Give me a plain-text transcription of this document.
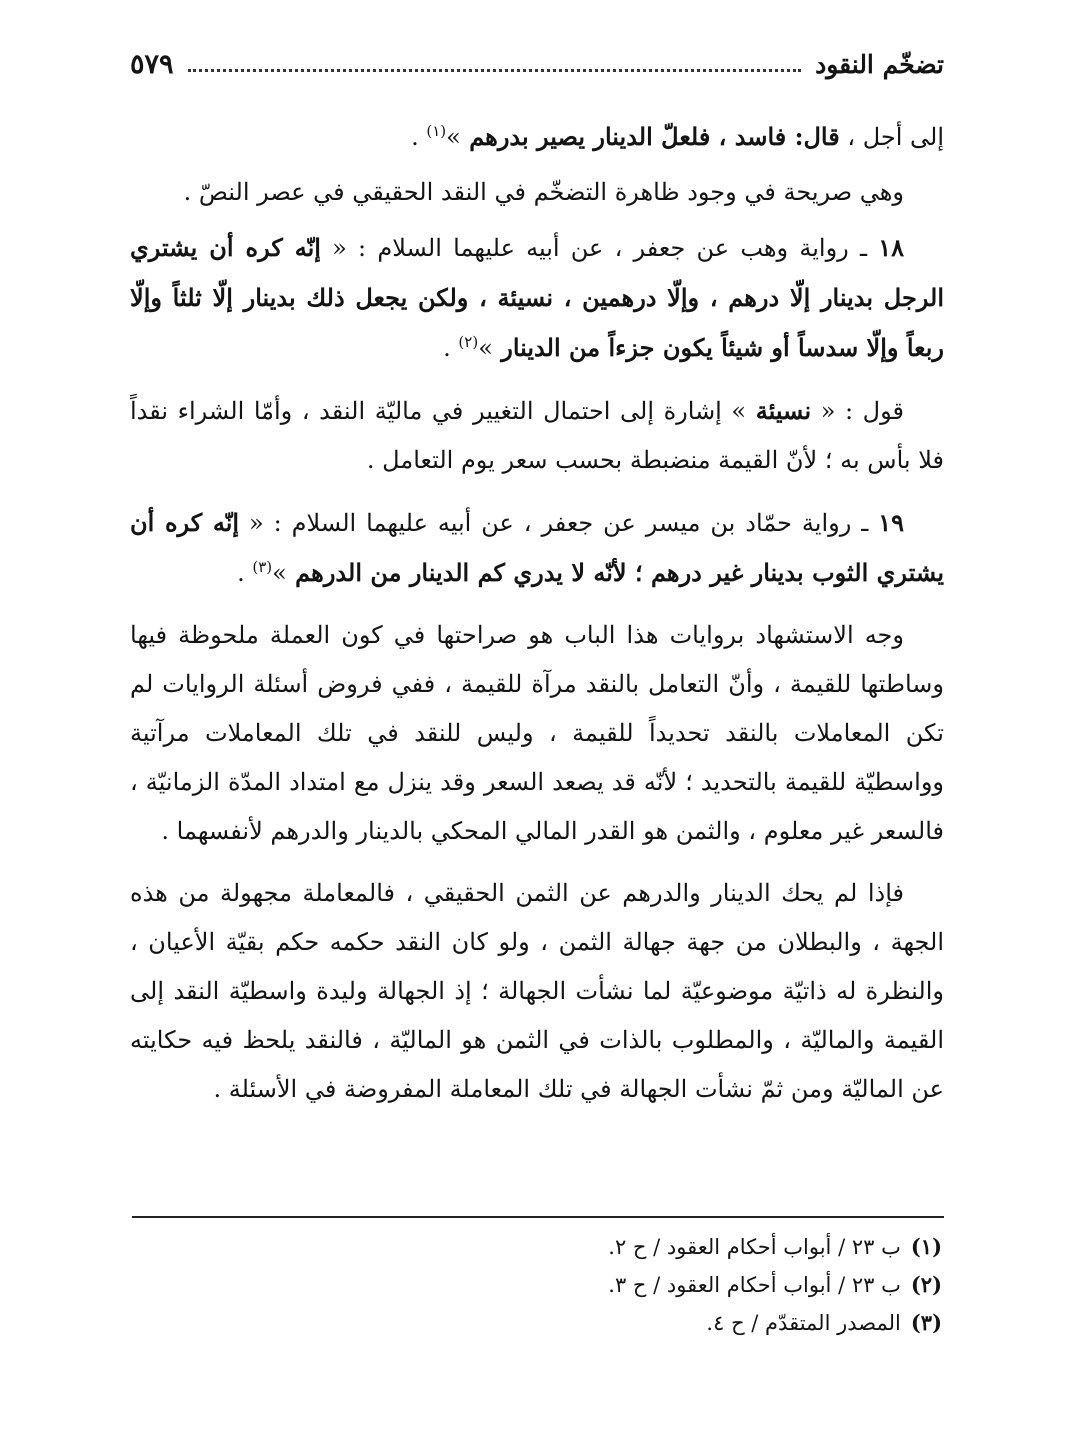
تضخّم النقود
٥٧٩

إلى أجل ، قال: فاسد ، فلعلّ الدينار يصير بدرهم »$^{(١)}$ .

وهي صريحة في وجود ظاهرة التضخّم في النقد الحقيقي في عصر النصّ .

١٨ ـ رواية وهب عن جعفر ، عن أبيه عليهما السلام : « إنّه كره أن يشتري الرجل بدينار إلّا درهم ، وإلّا درهمين ، نسيئة ، ولكن يجعل ذلك بدينار إلّا ثلثاً وإلّا ربعاً وإلّا سدساً أو شيئاً يكون جزءاً من الدينار »$^{(٢)}$ .

قول : « نسيئة » إشارة إلى احتمال التغيير في ماليّة النقد ، وأمّا الشراء نقداً فلا بأس به ؛ لأنّ القيمة منضبطة بحسب سعر يوم التعامل .

١٩ ـ رواية حمّاد بن ميسر عن جعفر ، عن أبيه عليهما السلام : « إنّه كره أن يشتري الثوب بدينار غير درهم ؛ لأنّه لا يدري كم الدينار من الدرهم »$^{(٣)}$ .

وجه الاستشهاد بروايات هذا الباب هو صراحتها في كون العملة ملحوظة فيها وساطتها للقيمة ، وأنّ التعامل بالنقد مرآة للقيمة ، ففي فروض أسئلة الروايات لم تكن المعاملات بالنقد تحديداً للقيمة ، وليس للنقد في تلك المعاملات مرآتية وواسطيّة للقيمة بالتحديد ؛ لأنّه قد يصعد السعر وقد ينزل مع امتداد المدّة الزمانيّة ، فالسعر غير معلوم ، والثمن هو القدر المالي المحكي بالدينار والدرهم لأنفسهما .

فإذا لم يحك الدينار والدرهم عن الثمن الحقيقي ، فالمعاملة مجهولة من هذه الجهة ، والبطلان من جهة جهالة الثمن ، ولو كان النقد حكمه حكم بقيّة الأعيان ، والنظرة له ذاتيّة موضوعيّة لما نشأت الجهالة ؛ إذ الجهالة وليدة واسطيّة النقد إلى القيمة والماليّة ، والمطلوب بالذات في الثمن هو الماليّة ، فالنقد يلحظ فيه حكايته عن الماليّة ومن ثمّ نشأت الجهالة في تلك المعاملة المفروضة في الأسئلة .

(١)ب ٢٣ / أبواب أحكام العقود / ح ٢.

(٢)ب ٢٣ / أبواب أحكام العقود / ح ٣.

(٣)المصدر المتقدّم / ح ٤.
